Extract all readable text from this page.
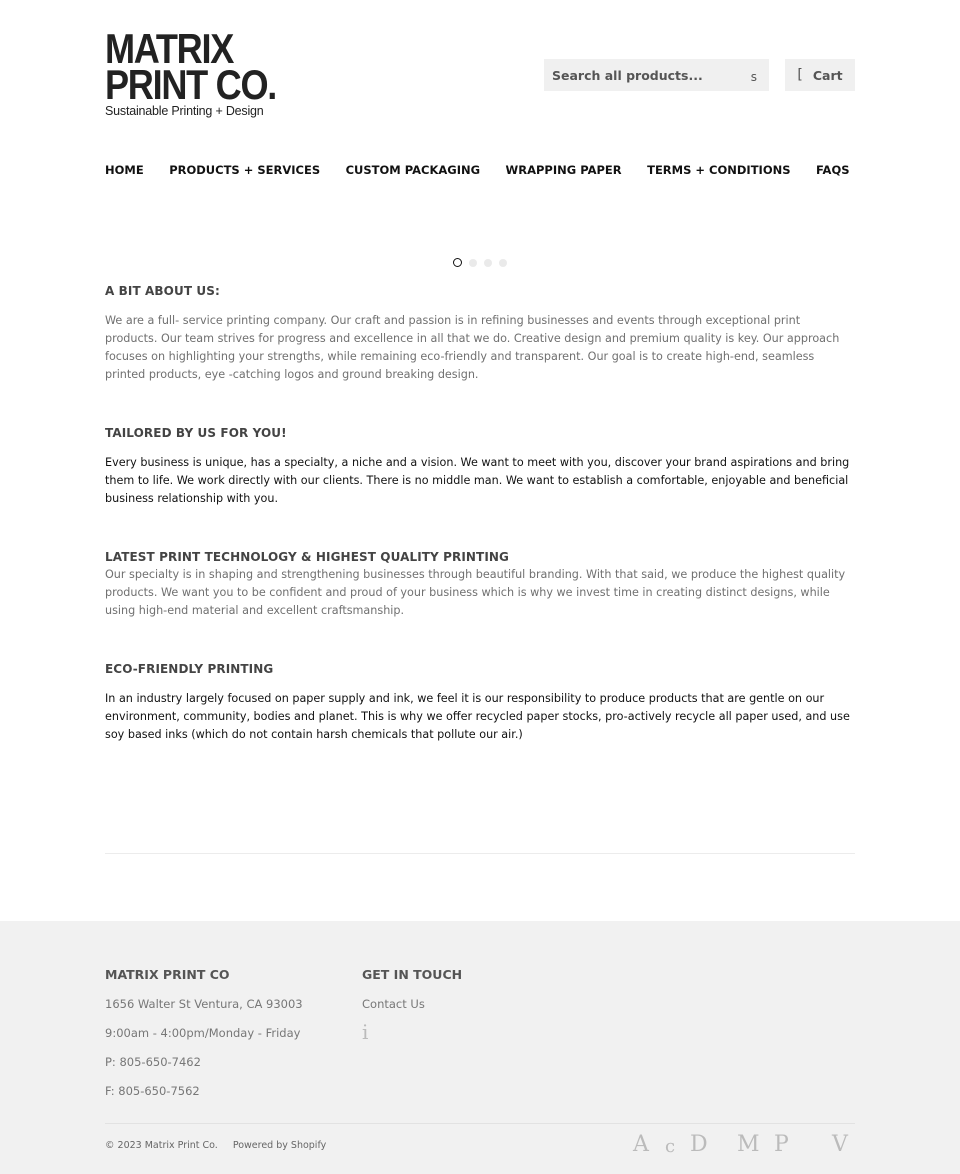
MATRIX
PRINT CO.
Sustainable Printing + Design
Search all products...
s	[ Cart
HOME PRODUCTS + SERVICES CUSTOM PACKAGING WRAPPING PAPER TERMS + CONDITIONS FAQS
A BIT ABOUT US:

We are a full- service printing company. Our craft and passion is in refining businesses and events through exceptional print products. Our team strives for progress and excellence in all that we do. Creative design and premium quality is key. Our approach focuses on highlighting your strengths, while remaining eco-friendly and transparent. Our goal is to create high-end, seamless printed products, eye -catching logos and ground breaking design.

TAILORED BY US FOR YOU!

Every business is unique, has a specialty, a niche and a vision. We want to meet with you, discover your brand aspirations and bring them to life. We work directly with our clients. There is no middle man. We want to establish a comfortable, enjoyable and beneficial business relationship with you.

LATEST PRINT TECHNOLOGY & HIGHEST QUALITY PRINTING

Our specialty is in shaping and strengthening businesses through beautiful branding. With that said, we produce the highest quality products. We want you to be confident and proud of your business which is why we invest time in creating distinct designs, while using high-end material and excellent craftsmanship.

ECO-FRIENDLY PRINTING

In an industry largely focused on paper supply and ink, we feel it is our responsibility to produce products that are gentle on our environment, community, bodies and planet. This is why we offer recycled paper stocks, pro-actively recycle all paper used, and use soy based inks (which do not contain harsh chemicals that pollute our air.)

MATRIX PRINT CO
1656 Walter St Ventura, CA 93003
9:00am - 4:00pm/Monday - Friday
P: 805-650-7462
F: 805-650-7562
GET IN TOUCH
Contact Us
i
© 2023 Matrix Print Co. Powered by Shopify	A c D M P V
